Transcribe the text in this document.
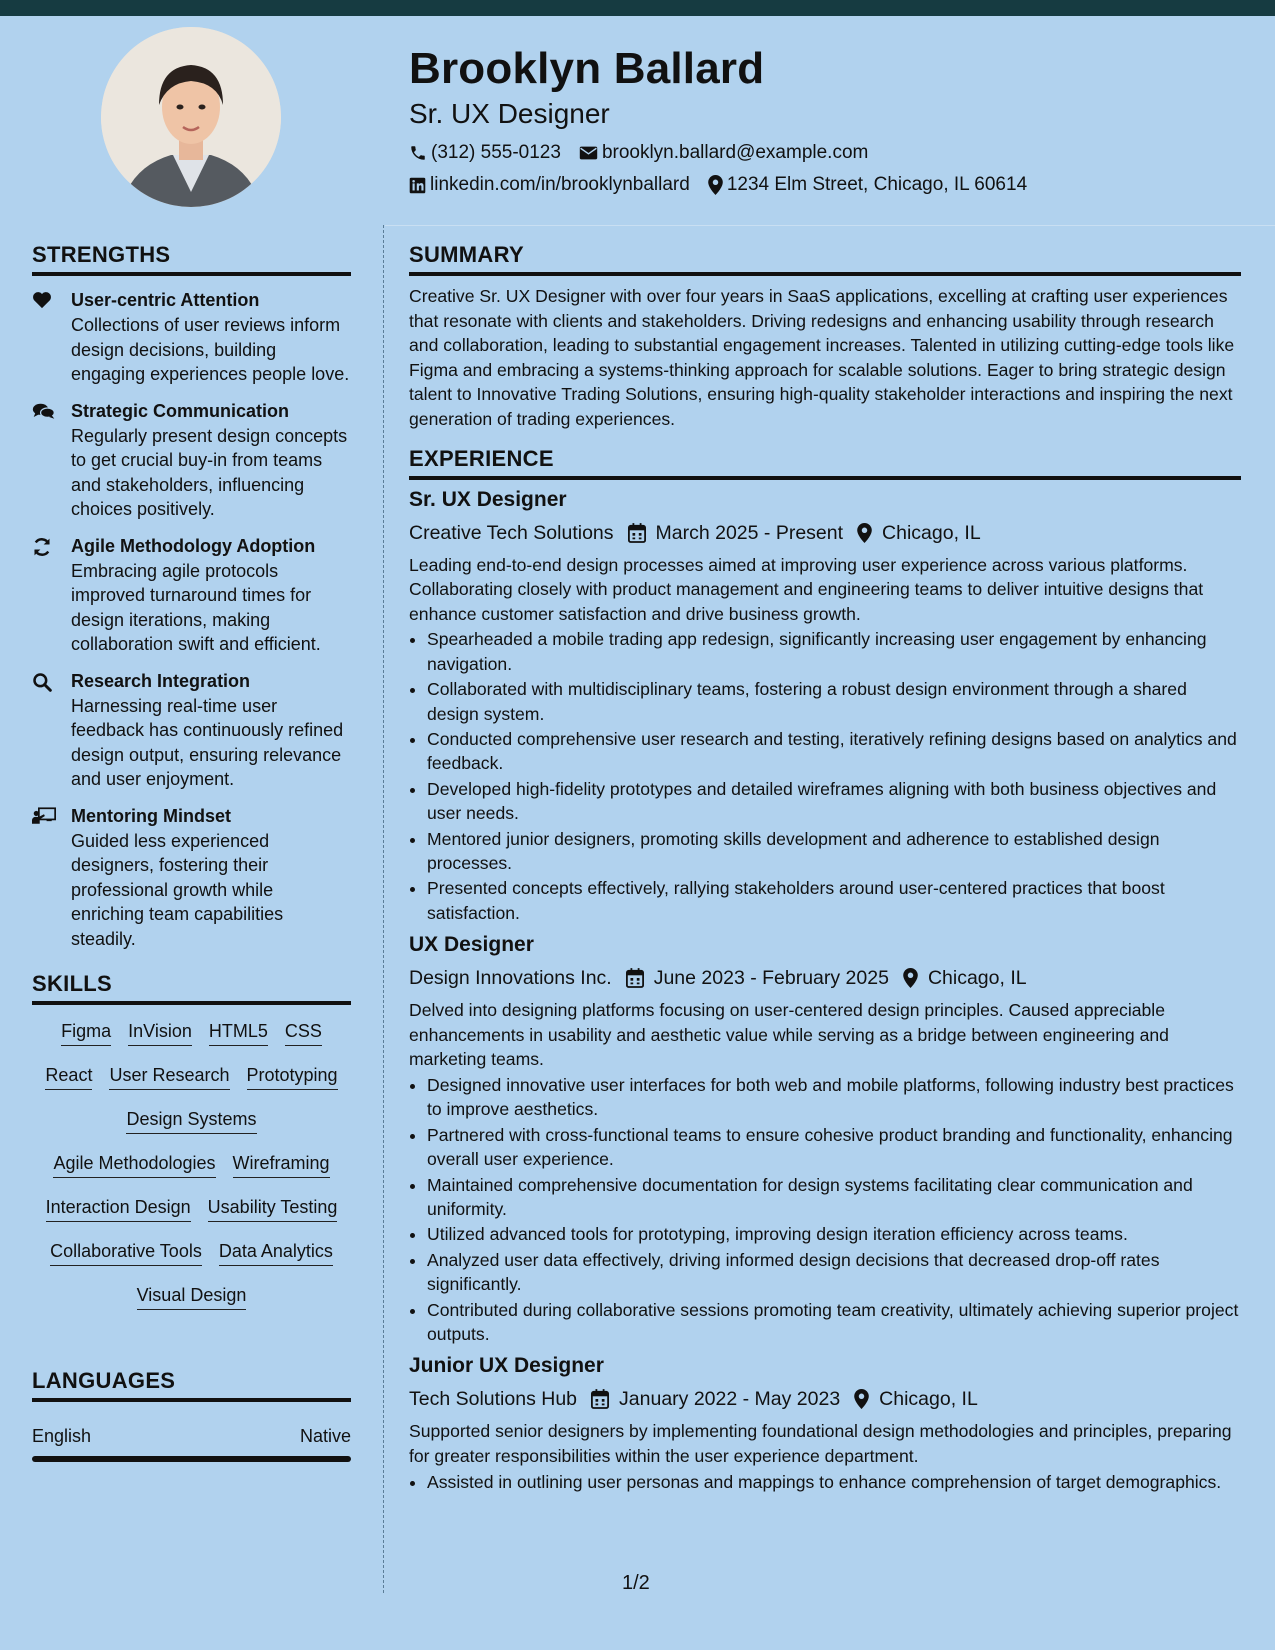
Brooklyn Ballard
Sr. UX Designer
(312) 555-0123 brooklyn.ballard@example.com
linkedin.com/in/brooklynballard 1234 Elm Street, Chicago, IL 60614
STRENGTHS
User-centric Attention
Collections of user reviews inform design decisions, building engaging experiences people love.
Strategic Communication
Regularly present design concepts to get crucial buy-in from teams and stakeholders, influencing choices positively.
Agile Methodology Adoption
Embracing agile protocols improved turnaround times for design iterations, making collaboration swift and efficient.
Research Integration
Harnessing real-time user feedback has continuously refined design output, ensuring relevance and user enjoyment.
Mentoring Mindset
Guided less experienced designers, fostering their professional growth while enriching team capabilities steadily.
SKILLS
Figma InVision HTML5 CSS
React User Research Prototyping
Design Systems
Agile Methodologies Wireframing
Interaction Design Usability Testing
Collaborative Tools Data Analytics
Visual Design
LANGUAGES
English	Native
SUMMARY
Creative Sr. UX Designer with over four years in SaaS applications, excelling at crafting user experiences that resonate with clients and stakeholders. Driving redesigns and enhancing usability through research and collaboration, leading to substantial engagement increases. Talented in utilizing cutting-edge tools like Figma and embracing a systems-thinking approach for scalable solutions. Eager to bring strategic design talent to Innovative Trading Solutions, ensuring high-quality stakeholder interactions and inspiring the next generation of trading experiences.
EXPERIENCE
Sr. UX Designer
Creative Tech Solutions March 2025 - Present Chicago, IL
Leading end-to-end design processes aimed at improving user experience across various platforms. Collaborating closely with product management and engineering teams to deliver intuitive designs that enhance customer satisfaction and drive business growth.
• Spearheaded a mobile trading app redesign, significantly increasing user engagement by enhancing navigation.
• Collaborated with multidisciplinary teams, fostering a robust design environment through a shared design system.
• Conducted comprehensive user research and testing, iteratively refining designs based on analytics and feedback.
• Developed high-fidelity prototypes and detailed wireframes aligning with both business objectives and user needs.
• Mentored junior designers, promoting skills development and adherence to established design processes.
• Presented concepts effectively, rallying stakeholders around user-centered practices that boost satisfaction.
UX Designer
Design Innovations Inc. June 2023 - February 2025 Chicago, IL
Delved into designing platforms focusing on user-centered design principles. Caused appreciable enhancements in usability and aesthetic value while serving as a bridge between engineering and marketing teams.
• Designed innovative user interfaces for both web and mobile platforms, following industry best practices to improve aesthetics.
• Partnered with cross-functional teams to ensure cohesive product branding and functionality, enhancing overall user experience.
• Maintained comprehensive documentation for design systems facilitating clear communication and uniformity.
• Utilized advanced tools for prototyping, improving design iteration efficiency across teams.
• Analyzed user data effectively, driving informed design decisions that decreased drop-off rates significantly.
• Contributed during collaborative sessions promoting team creativity, ultimately achieving superior project outputs.
Junior UX Designer
Tech Solutions Hub January 2022 - May 2023 Chicago, IL
Supported senior designers by implementing foundational design methodologies and principles, preparing for greater responsibilities within the user experience department.
• Assisted in outlining user personas and mappings to enhance comprehension of target demographics.
1/2
